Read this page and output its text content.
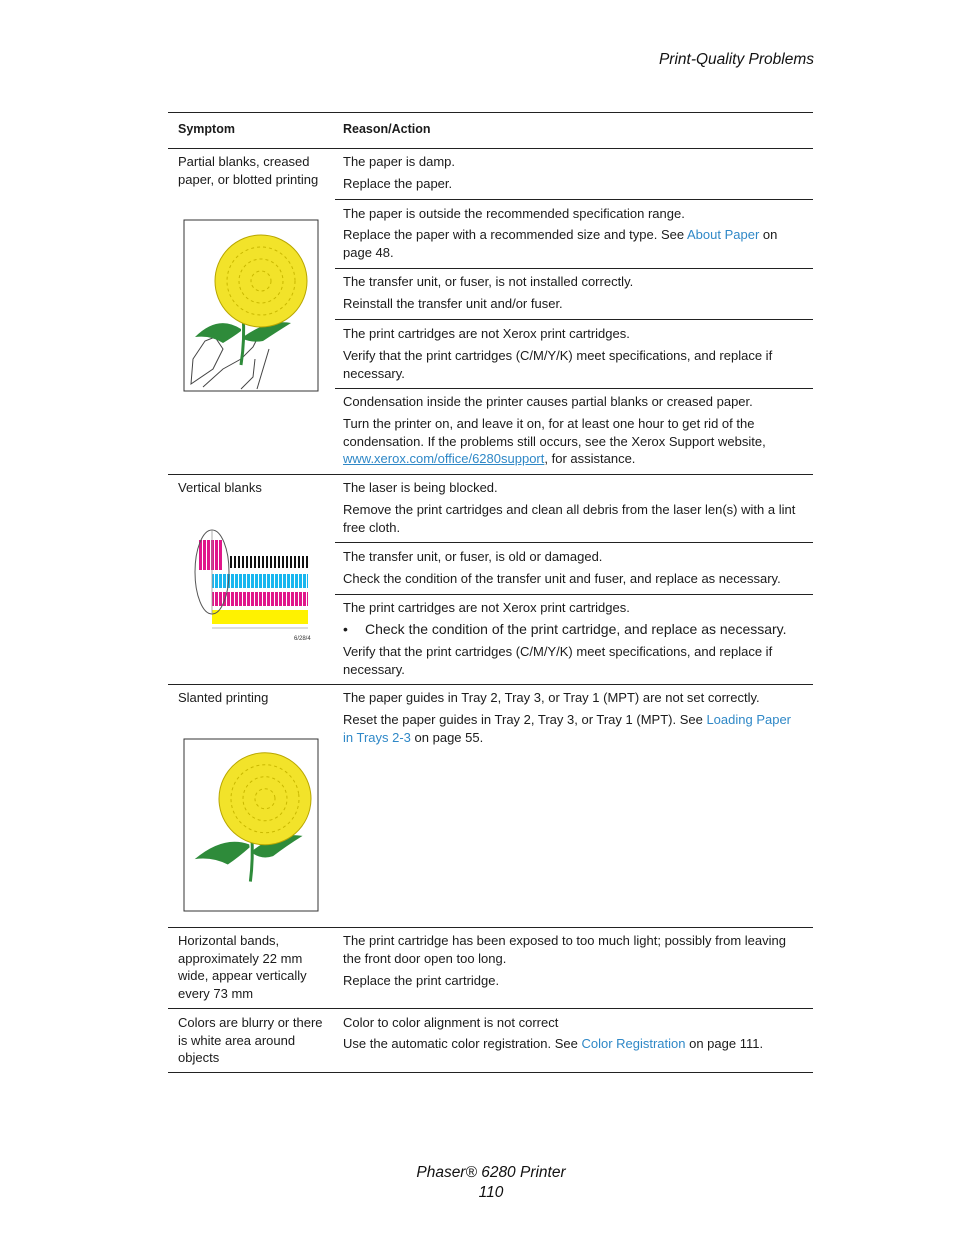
Print-Quality Problems
Symptom	Reason/Action
Partial blanks, creased paper, or blotted printing
The paper is damp.
Replace the paper.
The paper is outside the recommended specification range.
Replace the paper with a recommended size and type. See About Paper on page 48.
The transfer unit, or fuser, is not installed correctly.
Reinstall the transfer unit and/or fuser.
The print cartridges are not Xerox print cartridges.
Verify that the print cartridges (C/M/Y/K) meet specifications, and replace if necessary.
Condensation inside the printer causes partial blanks or creased paper.
Turn the printer on, and leave it on, for at least one hour to get rid of the condensation. If the problems still occurs, see the Xerox Support website, www.xerox.com/office/6280support, for assistance.
Vertical blanks
6/28/4
The laser is being blocked.
Remove the print cartridges and clean all debris from the laser len(s) with a lint free cloth.
The transfer unit, or fuser, is old or damaged.
Check the condition of the transfer unit and fuser, and replace as necessary.
The print cartridges are not Xerox print cartridges.
• Check the condition of the print cartridge, and replace as necessary.
Verify that the print cartridges (C/M/Y/K) meet specifications, and replace if necessary.
Slanted printing	The paper guides in Tray 2, Tray 3, or Tray 1 (MPT) are not set correctly.
Reset the paper guides in Tray 2, Tray 3, or Tray 1 (MPT). See Loading Paper in Trays 2-3 on page 55.
Horizontal bands, approximately 22 mm wide, appear vertically every 73 mm
The print cartridge has been exposed to too much light; possibly from leaving the front door open too long.
Replace the print cartridge.
Colors are blurry or there is white area around objects
Color to color alignment is not correct
Use the automatic color registration. See Color Registration on page 111.
Phaser® 6280 Printer
110
